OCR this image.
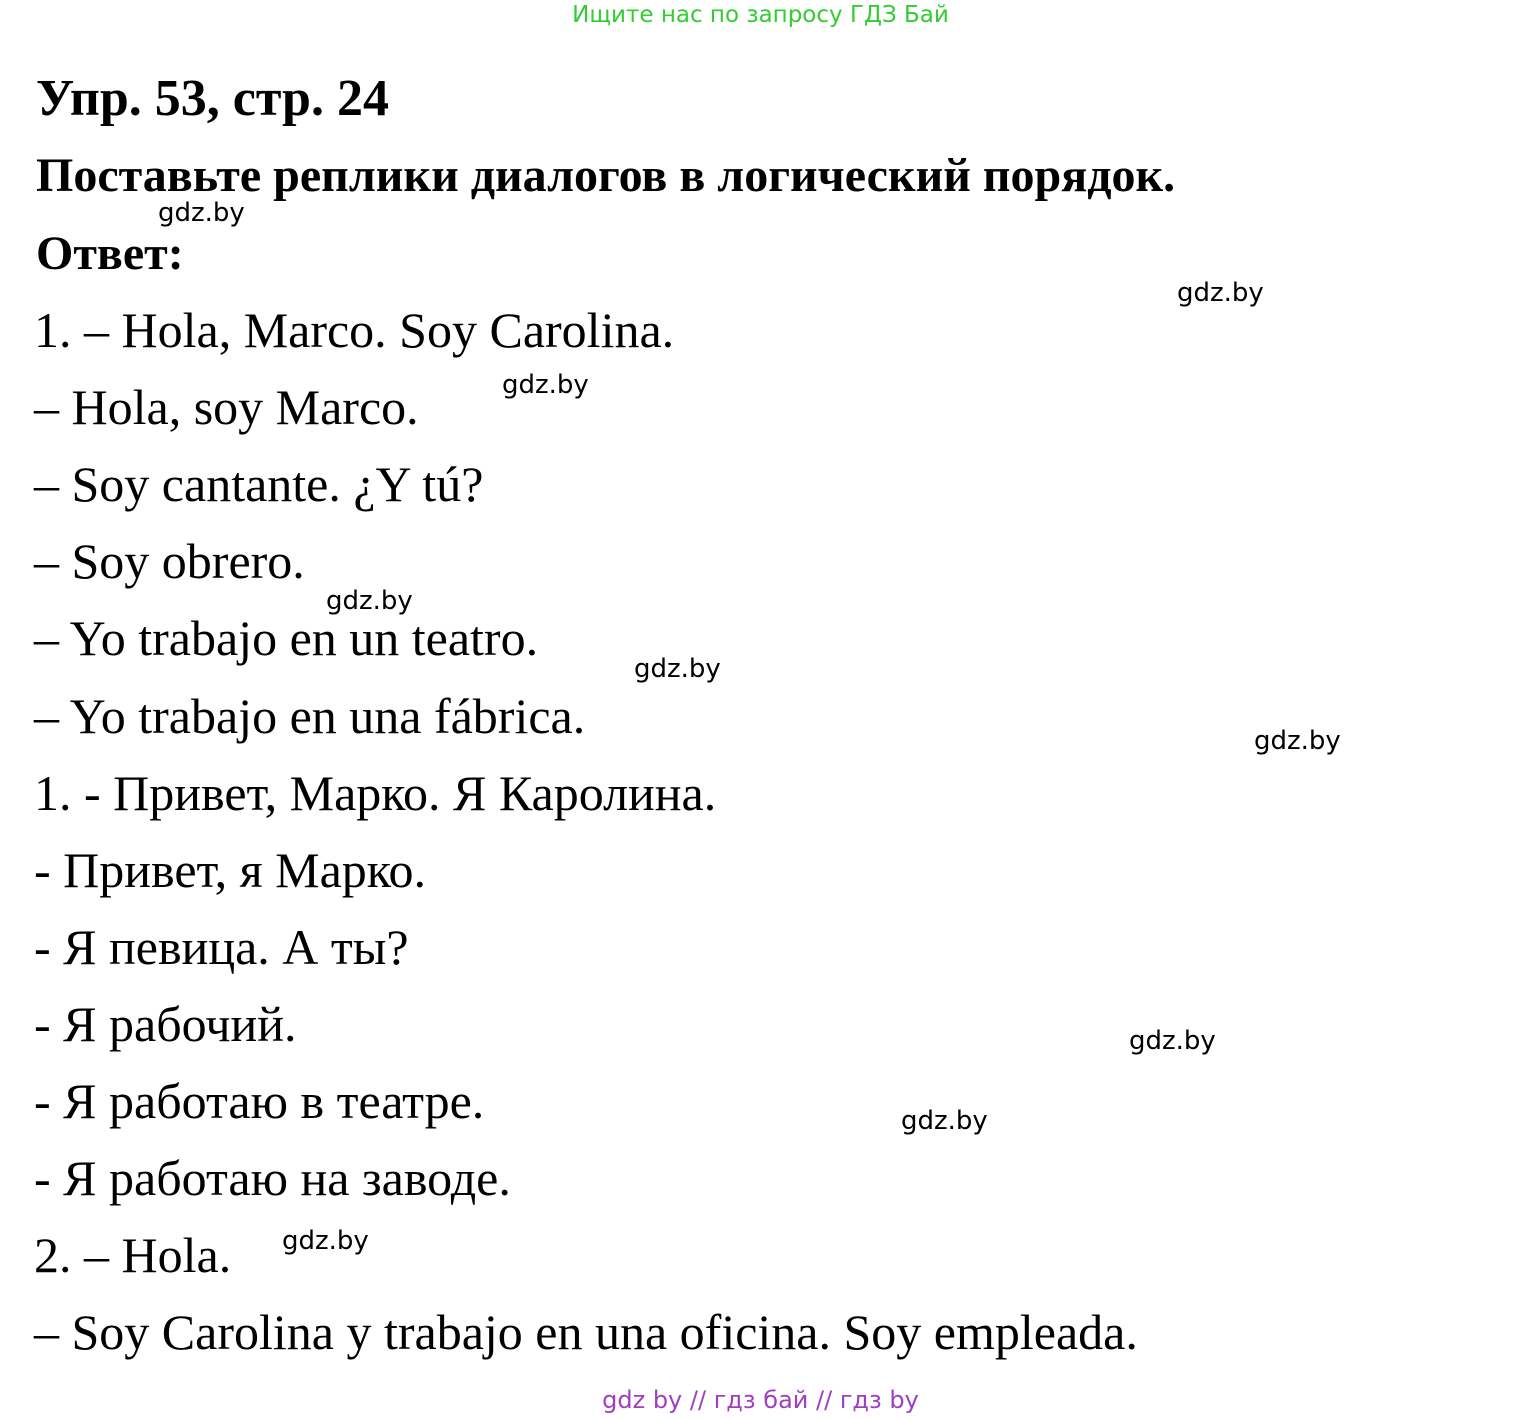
Ищите нас по запросу ГДЗ Бай
Упр. 53, стр. 24
Поставьте реплики диалогов в логический порядок.
Ответ:
1. – Hola, Marco. Soy Carolina.
– Hola, soy Marco.
– Soy cantante. ¿Y tú?
– Soy obrero.
– Yo trabajo en un teatro.
– Yo trabajo en una fábrica.
1. - Привет, Марко. Я Каролина.
- Привет, я Марко.
- Я певица. А ты?
- Я рабочий.
- Я работаю в театре.
- Я работаю на заводе.
2. – Hola.
– Soy Carolina y trabajo en una oficina. Soy empleada.
gdz.by
gdz.by
gdz.by
gdz.by
gdz.by
gdz.by
gdz.by
gdz.by
gdz.by
gdz by // гдз бай // гдз by
